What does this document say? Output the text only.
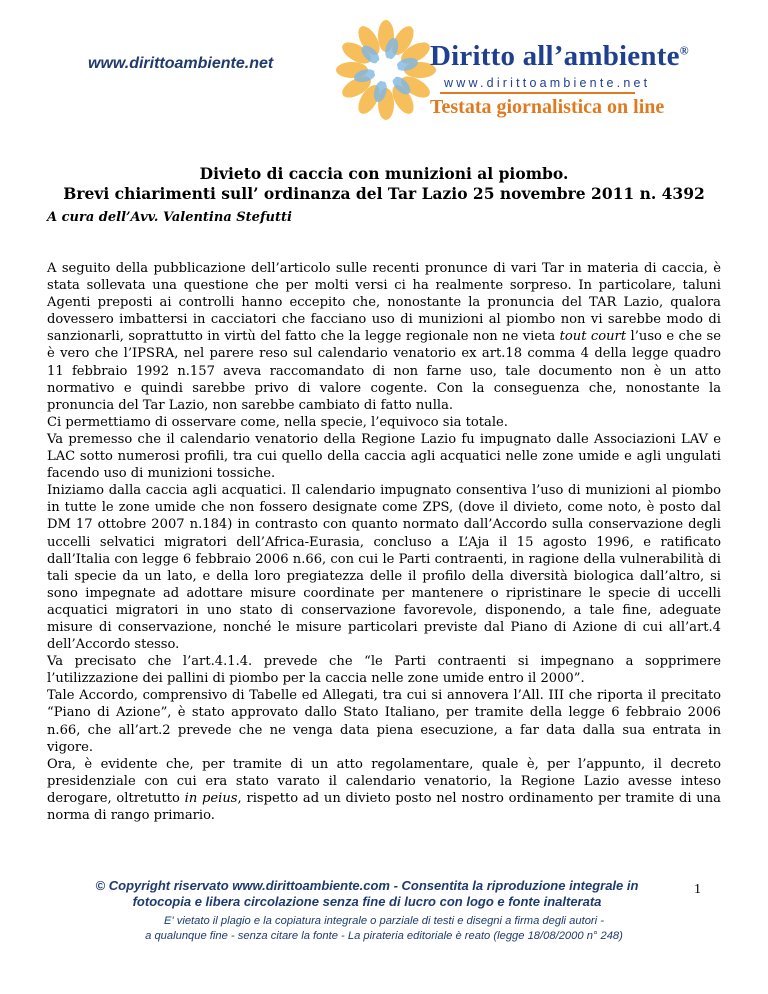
www.dirittoambiente.net	Diritto all’ambiente®
www.dirittoambiente.net
Testata giornalistica on line
Divieto di caccia con munizioni al piombo.
Brevi chiarimenti sull’ ordinanza del Tar Lazio 25 novembre 2011 n. 4392
A cura dell’Avv. Valentina Stefutti

A seguito della pubblicazione dell’articolo sulle recenti pronunce di vari Tar in materia di caccia, è stata sollevata una questione che per molti versi ci ha realmente sorpreso. In particolare, taluni Agenti preposti ai controlli hanno eccepito che, nonostante la pronuncia del TAR Lazio, qualora dovessero imbattersi in cacciatori che facciano uso di munizioni al piombo non vi sarebbe modo di sanzionarli, soprattutto in virtù del fatto che la legge regionale non ne vieta tout court l’uso e che se è vero che l’IPSRA, nel parere reso sul calendario venatorio ex art.18 comma 4 della legge quadro 11 febbraio 1992 n.157 aveva raccomandato di non farne uso, tale documento non è un atto normativo e quindi sarebbe privo di valore cogente. Con la conseguenza che, nonostante la pronuncia del Tar Lazio, non sarebbe cambiato di fatto nulla.

Ci permettiamo di osservare come, nella specie, l’equivoco sia totale.

Va premesso che il calendario venatorio della Regione Lazio fu impugnato dalle Associazioni LAV e LAC sotto numerosi profili, tra cui quello della caccia agli acquatici nelle zone umide e agli ungulati facendo uso di munizioni tossiche.

Iniziamo dalla caccia agli acquatici. Il calendario impugnato consentiva l’uso di munizioni al piombo in tutte le zone umide che non fossero designate come ZPS, (dove il divieto, come noto, è posto dal DM 17 ottobre 2007 n.184) in contrasto con quanto normato dall’Accordo sulla conservazione degli uccelli selvatici migratori dell’Africa-Eurasia, concluso a L’Aja il 15 agosto 1996, e ratificato dall’Italia con legge 6 febbraio 2006 n.66, con cui le Parti contraenti, in ragione della vulnerabilità di tali specie da un lato, e della loro pregiatezza delle il profilo della diversità biologica dall’altro, si sono impegnate ad adottare misure coordinate per mantenere o ripristinare le specie di uccelli acquatici migratori in uno stato di conservazione favorevole, disponendo, a tale fine, adeguate misure di conservazione, nonché le misure particolari previste dal Piano di Azione di cui all’art.4 dell’Accordo stesso.

Va precisato che l’art.4.1.4. prevede che “le Parti contraenti si impegnano a sopprimere l’utilizzazione dei pallini di piombo per la caccia nelle zone umide entro il 2000”.

Tale Accordo, comprensivo di Tabelle ed Allegati, tra cui si annovera l’All. III che riporta il precitato “Piano di Azione”, è stato approvato dallo Stato Italiano, per tramite della legge 6 febbraio 2006 n.66, che all’art.2 prevede che ne venga data piena esecuzione, a far data dalla sua entrata in vigore.

Ora, è evidente che, per tramite di un atto regolamentare, quale è, per l’appunto, il decreto presidenziale con cui era stato varato il calendario venatorio, la Regione Lazio avesse inteso derogare, oltretutto in peius, rispetto ad un divieto posto nel nostro ordinamento per tramite di una norma di rango primario.

© Copyright riservato www.dirittoambiente.com - Consentita la riproduzione integrale in
fotocopia e libera circolazione senza fine di lucro con logo e fonte inalterata
E' vietato il plagio e la copiatura integrale o parziale di testi e disegni a firma degli autori -
a qualunque fine - senza citare la fonte - La pirateria editoriale è reato (legge 18/08/2000 n° 248)
1
